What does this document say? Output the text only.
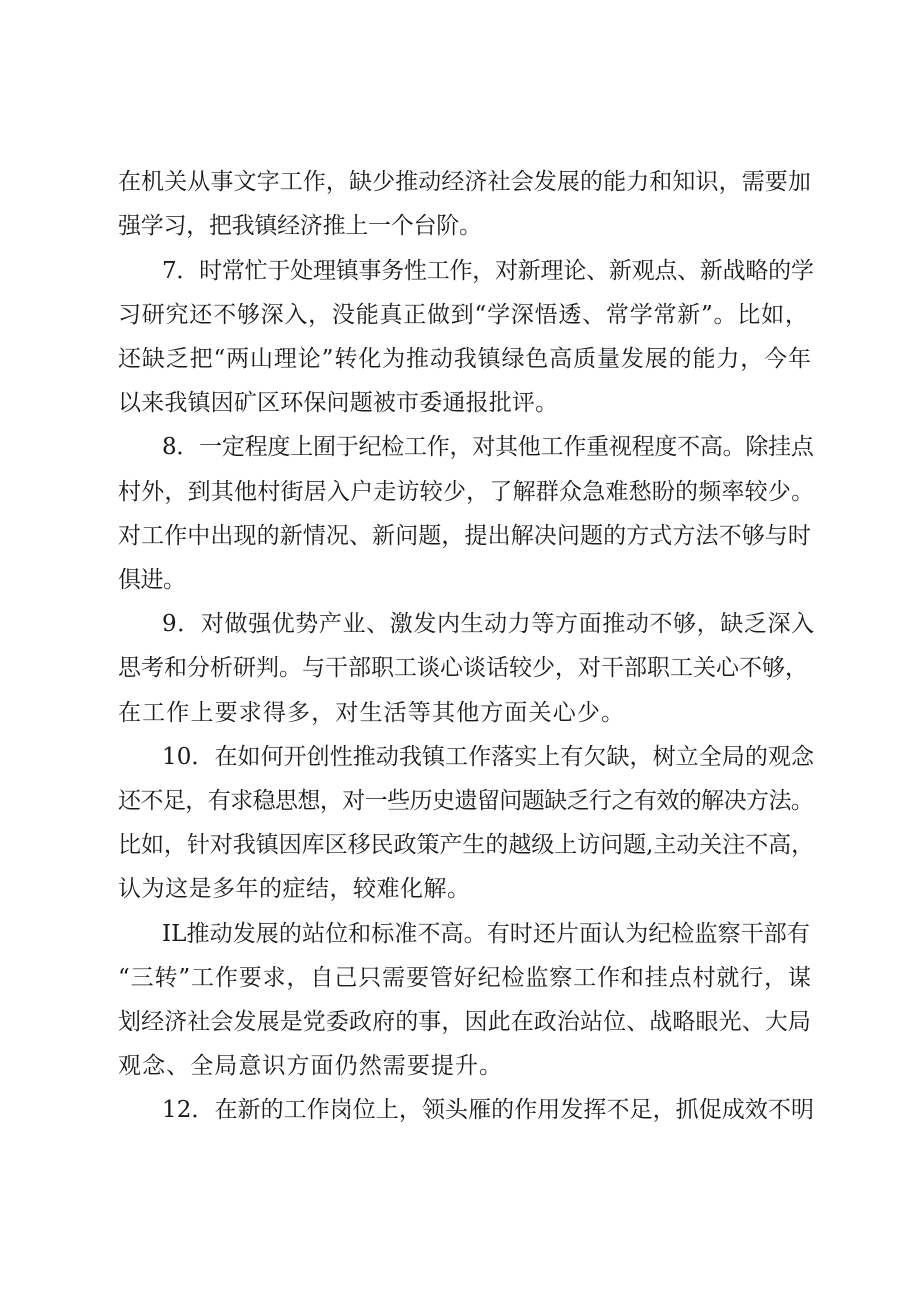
在机关从事文字工作，缺少推动经济社会发展的能力和知识，需要加
强学习，把我镇经济推上一个台阶。
7．时常忙于处理镇事务性工作，对新理论、新观点、新战略的学
习研究还不够深入，没能真正做到“学深悟透、常学常新”。比如，
还缺乏把“两山理论”转化为推动我镇绿色高质量发展的能力，今年
以来我镇因矿区环保问题被市委通报批评。
8．一定程度上囿于纪检工作，对其他工作重视程度不高。除挂点
村外，到其他村街居入户走访较少，了解群众急难愁盼的频率较少。
对工作中出现的新情况、新问题，提出解决问题的方式方法不够与时
俱进。
9．对做强优势产业、激发内生动力等方面推动不够，缺乏深入
思考和分析研判。与干部职工谈心谈话较少，对干部职工关心不够，
在工作上要求得多，对生活等其他方面关心少。
10．在如何开创性推动我镇工作落实上有欠缺，树立全局的观念
还不足，有求稳思想，对一些历史遗留问题缺乏行之有效的解决方法。
比如，针对我镇因库区移民政策产生的越级上访问题,主动关注不高，
认为这是多年的症结，较难化解。
IL推动发展的站位和标准不高。有时还片面认为纪检监察干部有
“三转”工作要求，自己只需要管好纪检监察工作和挂点村就行，谋
划经济社会发展是党委政府的事，因此在政治站位、战略眼光、大局
观念、全局意识方面仍然需要提升。
12．在新的工作岗位上，领头雁的作用发挥不足，抓促成效不明
